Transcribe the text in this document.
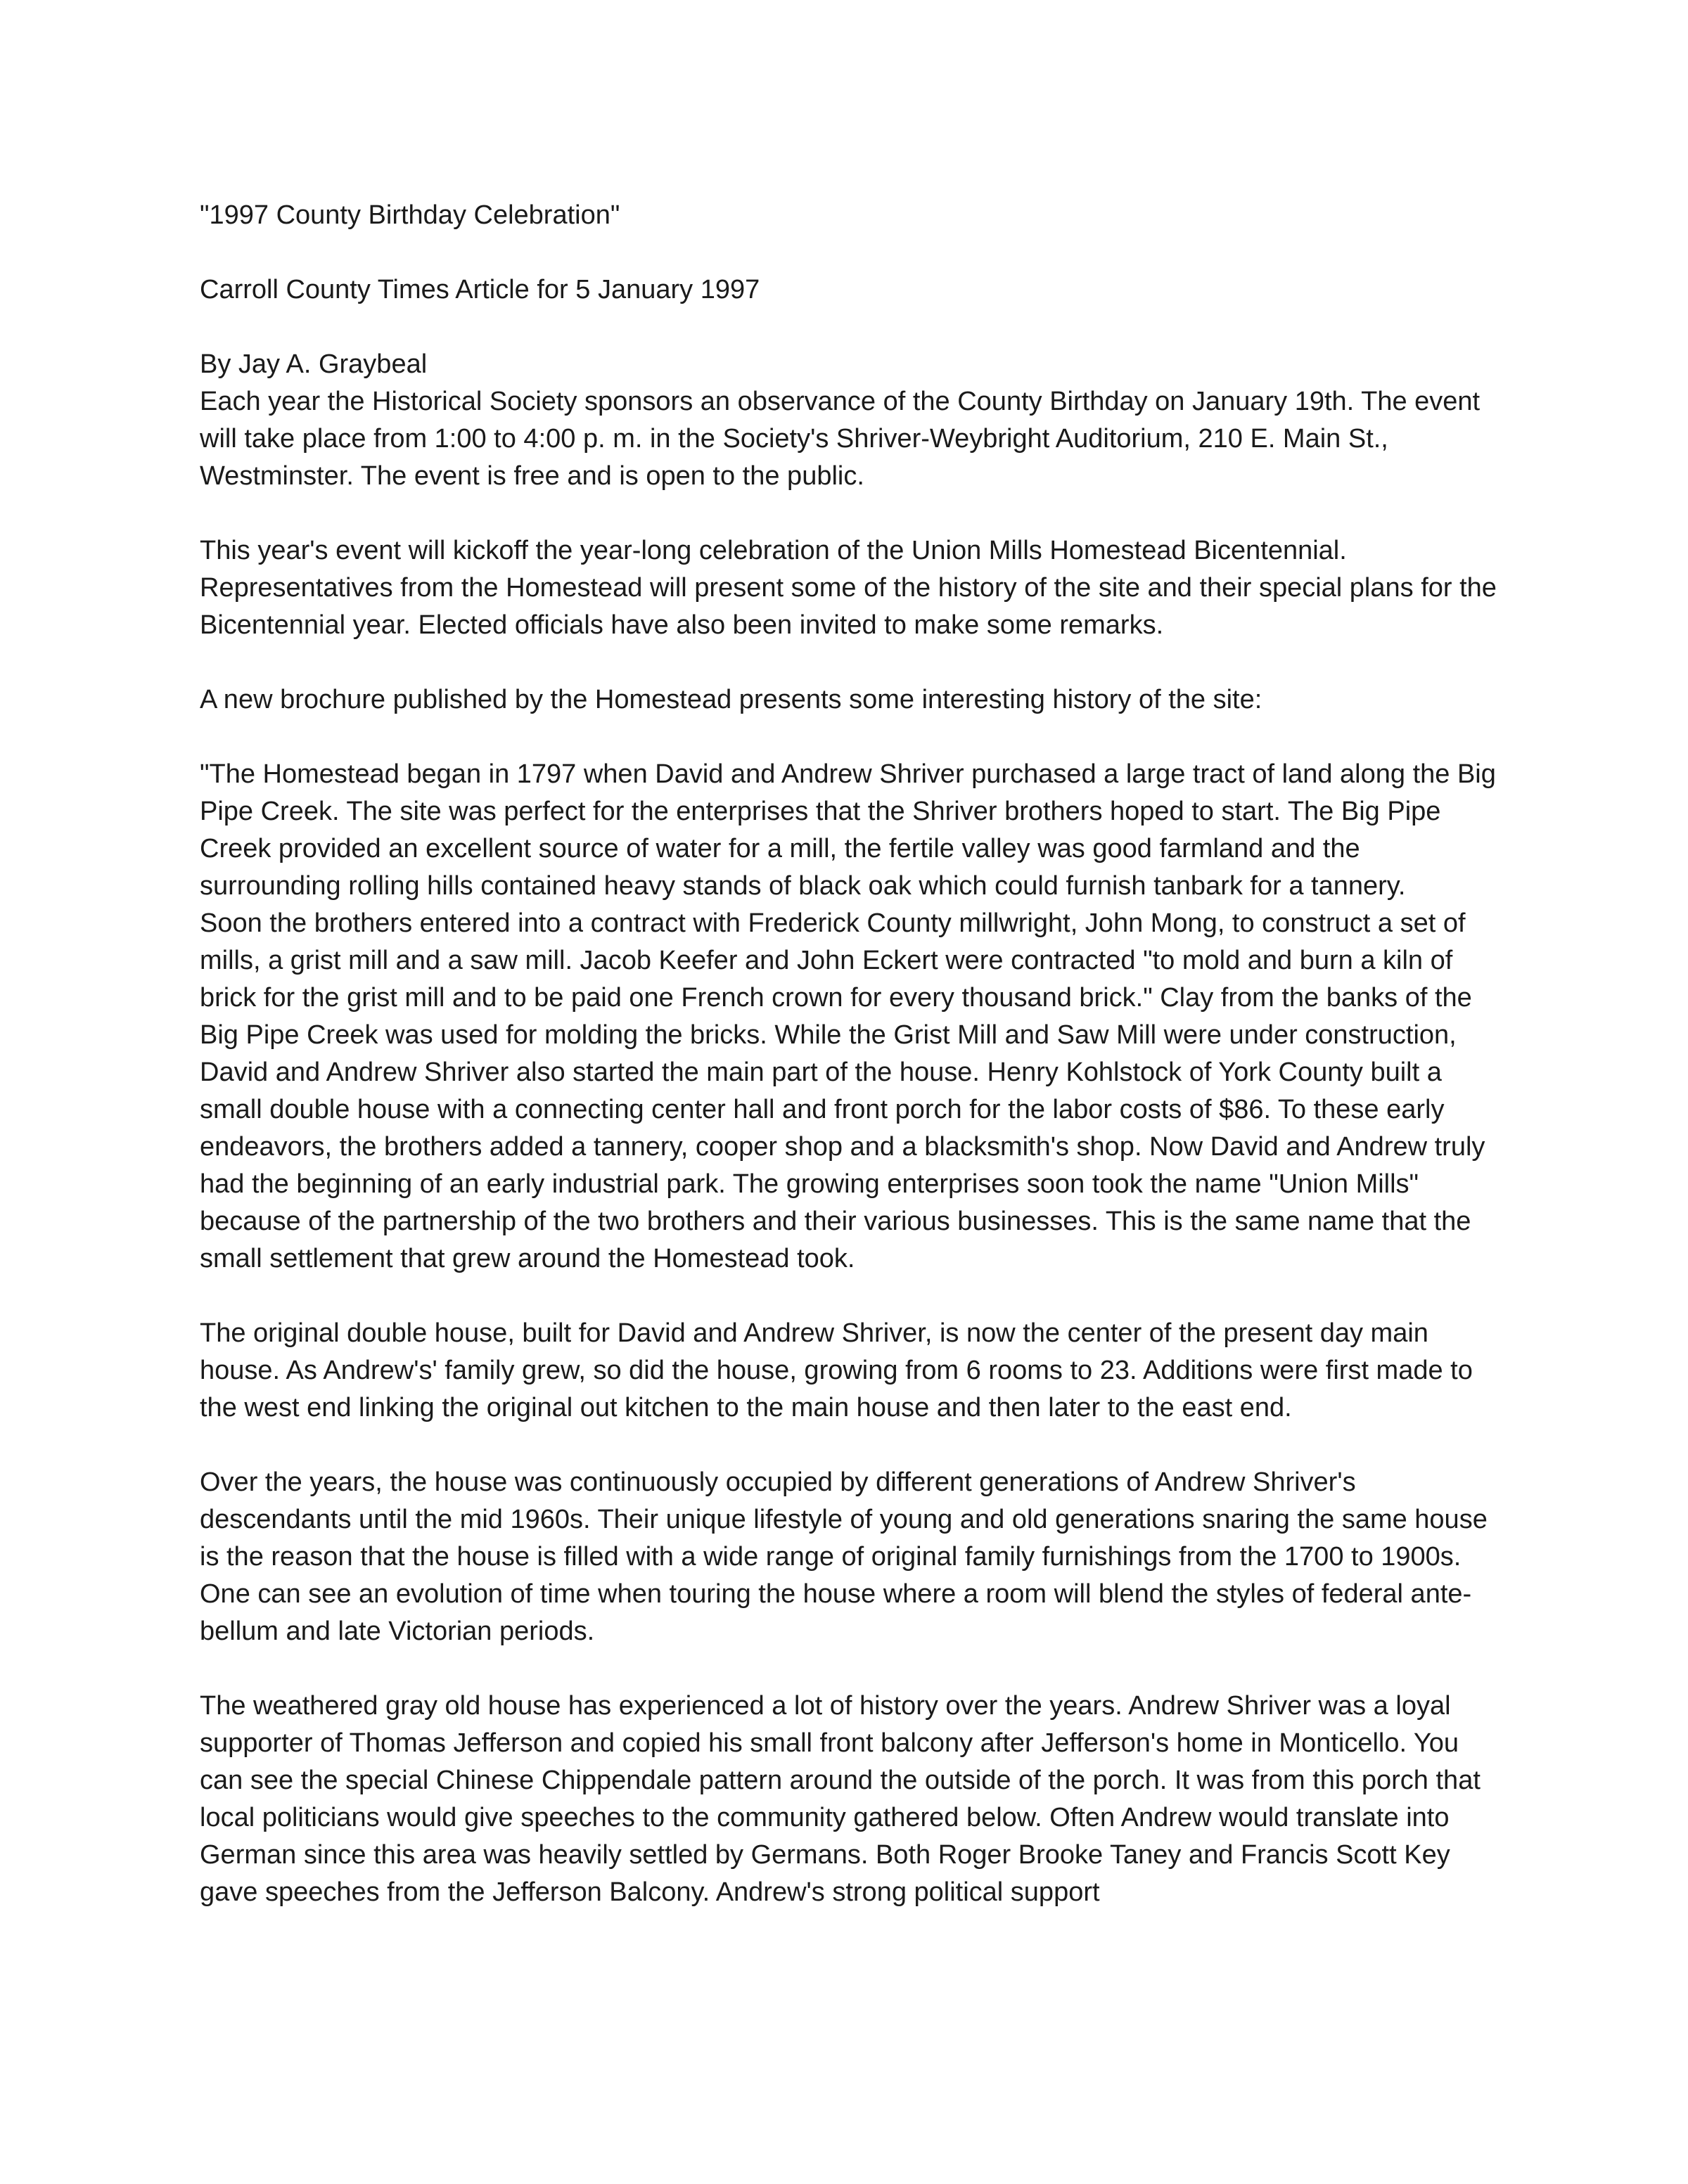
"1997 County Birthday Celebration"

Carroll County Times Article for 5 January 1997

By Jay A. Graybeal

Each year the Historical Society sponsors an observance of the County Birthday on January 19th. The event will take place from 1:00 to 4:00 p. m. in the Society's Shriver-Weybright Auditorium, 210 E. Main St., Westminster. The event is free and is open to the public.

This year's event will kickoff the year-long celebration of the Union Mills Homestead Bicentennial. Representatives from the Homestead will present some of the history of the site and their special plans for the Bicentennial year. Elected officials have also been invited to make some remarks.

A new brochure published by the Homestead presents some interesting history of the site:

"The Homestead began in 1797 when David and Andrew Shriver purchased a large tract of land along the Big Pipe Creek. The site was perfect for the enterprises that the Shriver brothers hoped to start. The Big Pipe Creek provided an excellent source of water for a mill, the fertile valley was good farmland and the surrounding rolling hills contained heavy stands of black oak which could furnish tanbark for a tannery.

Soon the brothers entered into a contract with Frederick County millwright, John Mong, to construct a set of mills, a grist mill and a saw mill. Jacob Keefer and John Eckert were contracted "to mold and burn a kiln of brick for the grist mill and to be paid one French crown for every thousand brick." Clay from the banks of the Big Pipe Creek was used for molding the bricks. While the Grist Mill and Saw Mill were under construction, David and Andrew Shriver also started the main part of the house. Henry Kohlstock of York County built a small double house with a connecting center hall and front porch for the labor costs of $86. To these early endeavors, the brothers added a tannery, cooper shop and a blacksmith's shop. Now David and Andrew truly had the beginning of an early industrial park. The growing enterprises soon took the name "Union Mills" because of the partnership of the two brothers and their various businesses. This is the same name that the small settlement that grew around the Homestead took.

The original double house, built for David and Andrew Shriver, is now the center of the present day main house. As Andrew's' family grew, so did the house, growing from 6 rooms to 23. Additions were first made to the west end linking the original out kitchen to the main house and then later to the east end.

Over the years, the house was continuously occupied by different generations of Andrew Shriver's descendants until the mid 1960s. Their unique lifestyle of young and old generations snaring the same house is the reason that the house is filled with a wide range of original family furnishings from the 1700 to 1900s. One can see an evolution of time when touring the house where a room will blend the styles of federal ante-bellum and late Victorian periods.

The weathered gray old house has experienced a lot of history over the years. Andrew Shriver was a loyal supporter of Thomas Jefferson and copied his small front balcony after Jefferson's home in Monticello. You can see the special Chinese Chippendale pattern around the outside of the porch. It was from this porch that local politicians would give speeches to the community gathered below. Often Andrew would translate into German since this area was heavily settled by Germans. Both Roger Brooke Taney and Francis Scott Key gave speeches from the Jefferson Balcony. Andrew's strong political support
